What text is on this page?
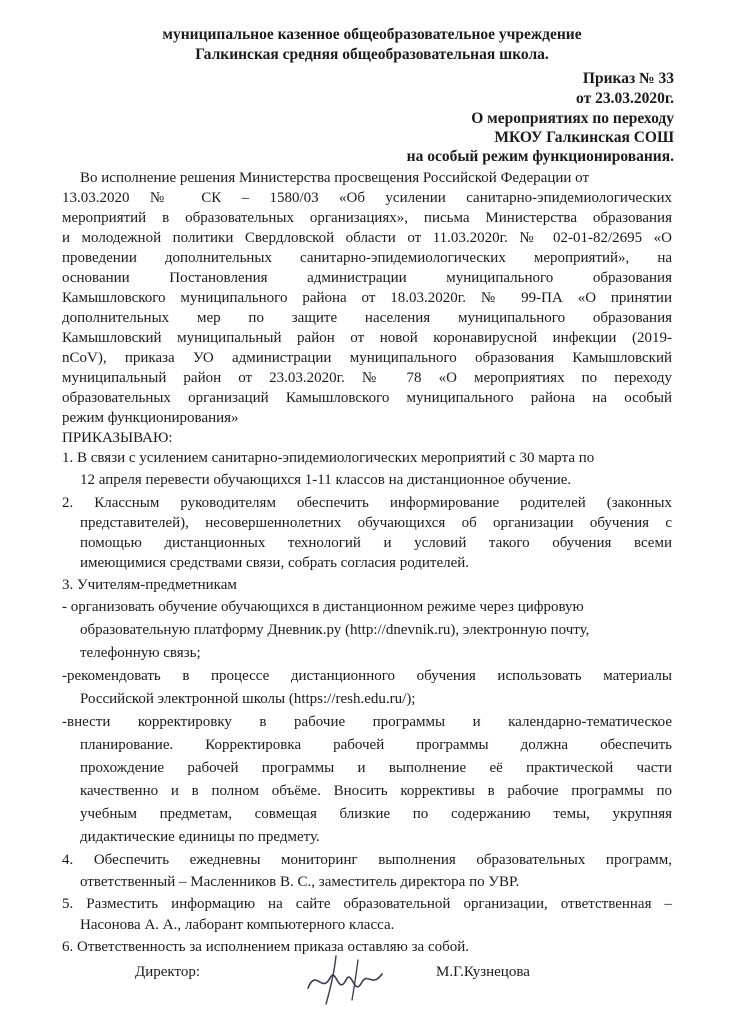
муниципальное казенное общеобразовательное учреждение
Галкинская средняя общеобразовательная школа.
Приказ № 33
от 23.03.2020г.
О мероприятиях по переходу
МКОУ Галкинская СОШ
на особый режим функционирования.
Во исполнение решения Министерства просвещения Российской Федерации от
13.03.2020 № СК – 1580/03 «Об усилении санитарно-эпидемиологических
мероприятий в образовательных организациях», письма Министерства образования
и молодежной политики Свердловской области от 11.03.2020г. № 02-01-82/2695 «О
проведении дополнительных санитарно-эпидемиологических мероприятий», на
основании Постановления администрации муниципального образования
Камышловского муниципального района от 18.03.2020г. № 99-ПА «О принятии
дополнительных мер по защите населения муниципального образования
Камышловский муниципальный район от новой коронавирусной инфекции (2019-
nCoV), приказа УО администрации муниципального образования Камышловский
муниципальный район от 23.03.2020г. № 78 «О мероприятиях по переходу
образовательных организаций Камышловского муниципального района на особый
режим функционирования»
ПРИКАЗЫВАЮ:
1. В связи с усилением санитарно-эпидемиологических мероприятий с 30 марта по
12 апреля перевести обучающихся 1-11 классов на дистанционное обучение.
2. Классным руководителям обеспечить информирование родителей (законных
представителей), несовершеннолетних обучающихся об организации обучения с
помощью дистанционных технологий и условий такого обучения всеми
имеющимися средствами связи, собрать согласия родителей.
3. Учителям-предметникам
- организовать обучение обучающихся в дистанционном режиме через цифровую
образовательную платформу Дневник.ру (http://dnevnik.ru), электронную почту,
телефонную связь;
-рекомендовать в процессе дистанционного обучения использовать материалы
Российской электронной школы (https://resh.edu.ru/);
-внести корректировку в рабочие программы и календарно-тематическое
планирование. Корректировка рабочей программы должна обеспечить
прохождение рабочей программы и выполнение её практической части
качественно и в полном объёме. Вносить коррективы в рабочие программы по
учебным предметам, совмещая близкие по содержанию темы, укрупняя
дидактические единицы по предмету.
4. Обеспечить ежедневны мониторинг выполнения образовательных программ,
ответственный – Масленников В. С., заместитель директора по УВР.
5. Разместить информацию на сайте образовательной организации, ответственная –
Насонова А. А., лаборант компьютерного класса.
6. Ответственность за исполнением приказа оставляю за собой.
Директор:	М.Г.Кузнецова
